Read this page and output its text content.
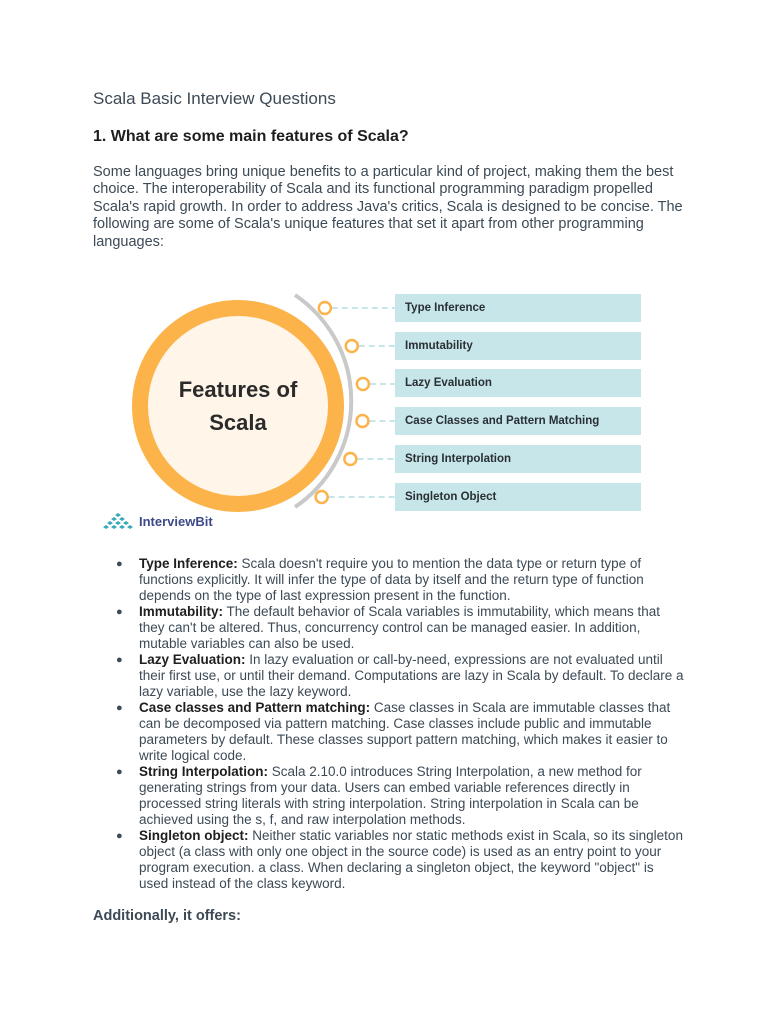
Scala Basic Interview Questions
1. What are some main features of Scala?

Some languages bring unique benefits to a particular kind of project, making them the best choice. The interoperability of Scala and its functional programming paradigm propelled Scala's rapid growth. In order to address Java's critics, Scala is designed to be concise. The following are some of Scala's unique features that set it apart from other programming languages:

Features of
Scala
Type Inference
Immutability
Lazy Evaluation
Case Classes and Pattern Matching
String Interpolation
Singleton Object
InterviewBit
● Type Inference: Scala doesn't require you to mention the data type or return type of functions explicitly. It will infer the type of data by itself and the return type of function depends on the type of last expression present in the function.
● Immutability: The default behavior of Scala variables is immutability, which means that they can't be altered. Thus, concurrency control can be managed easier. In addition, mutable variables can also be used.
● Lazy Evaluation: In lazy evaluation or call-by-need, expressions are not evaluated until their first use, or until their demand. Computations are lazy in Scala by default. To declare a lazy variable, use the lazy keyword.
● Case classes and Pattern matching: Case classes in Scala are immutable classes that can be decomposed via pattern matching. Case classes include public and immutable parameters by default. These classes support pattern matching, which makes it easier to write logical code.
● String Interpolation: Scala 2.10.0 introduces String Interpolation, a new method for generating strings from your data. Users can embed variable references directly in processed string literals with string interpolation. String interpolation in Scala can be achieved using the s, f, and raw interpolation methods.
● Singleton object: Neither static variables nor static methods exist in Scala, so its singleton object (a class with only one object in the source code) is used as an entry point to your program execution. a class. When declaring a singleton object, the keyword "object" is used instead of the class keyword.

Additionally, it offers:
